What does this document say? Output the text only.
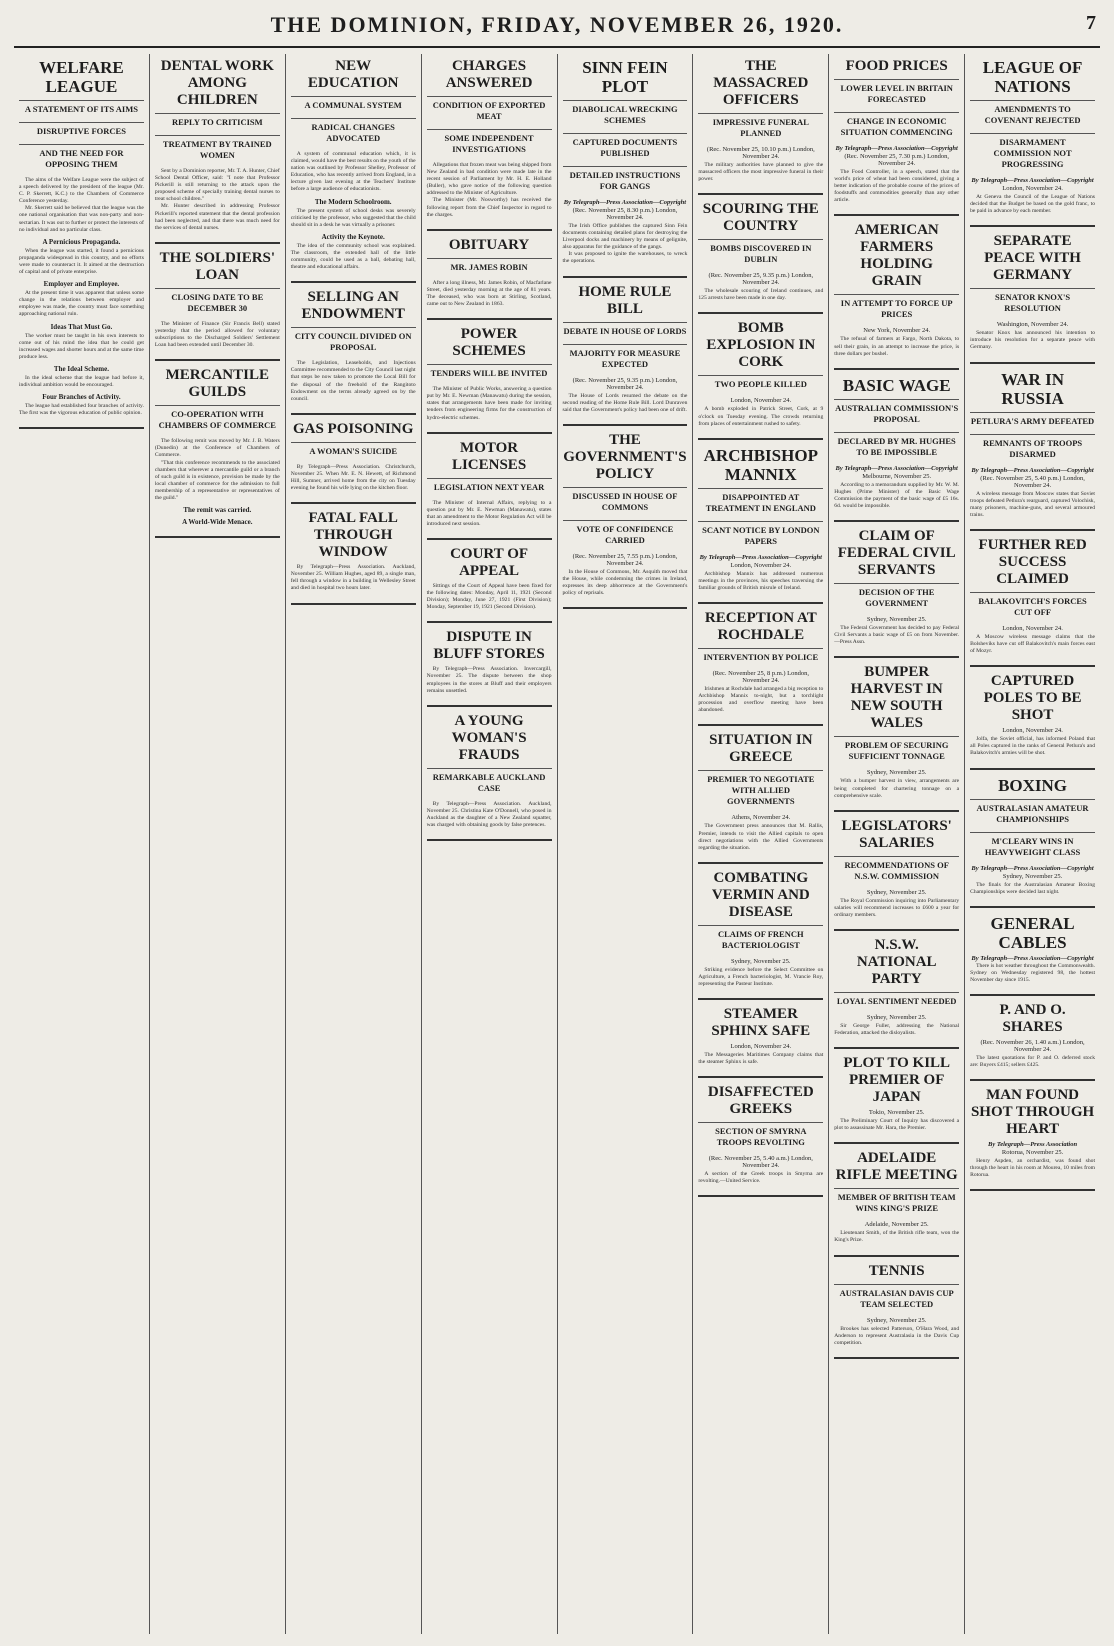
THE DOMINION, FRIDAY, NOVEMBER 26, 1920.	7
WELFARE LEAGUE
A STATEMENT OF ITS AIMS
DISRUPTIVE FORCES
AND THE NEED FOR OPPOSING THEM

The aims of the Welfare League were the subject of a speech delivered by the president of the league (Mr. C. P. Skerrett, K.C.) to the Chambers of Commerce Conference yesterday.

Mr. Skerrett said he believed that the league was the one national organisation that was non-party and non-sectarian. It was out to further or protect the interests of no individual and no particular class.

A Pernicious Propaganda.

When the league was started, it found a pernicious propaganda widespread in this country, and no efforts were made to counteract it. It aimed at the destruction of capital and of private enterprise.

Employer and Employee.

At the present time it was apparent that unless some change in the relations between employer and employee was made, the country must face something approaching national ruin.

Ideas That Must Go.

The worker must be taught in his own interests to come out of his mind the idea that he could get increased wages and shorter hours and at the same time produce less.

The Ideal Scheme.

In the ideal scheme that the league had before it, individual ambition would be encouraged.

Four Branches of Activity.

The league had established four branches of activity. The first was the vigorous education of public opinion.

DENTAL WORK AMONG CHILDREN
REPLY TO CRITICISM
TREATMENT BY TRAINED WOMEN

Sent by a Dominion reporter, Mr. T. A. Hunter, Chief School Dental Officer, said: "I note that Professor Pickerill is still returning to the attack upon the proposed scheme of specially training dental nurses to treat school children."

Mr. Hunter described in addressing Professor Pickerill's reported statement that the dental profession had been neglected, and that there was much need for the services of dental nurses.

THE SOLDIERS' LOAN
CLOSING DATE TO BE DECEMBER 30

The Minister of Finance (Sir Francis Bell) stated yesterday that the period allowed for voluntary subscriptions to the Discharged Soldiers' Settlement Loan had been extended until December 30.

MERCANTILE GUILDS
CO-OPERATION WITH CHAMBERS OF COMMERCE

The following remit was moved by Mr. J. B. Waters (Dunedin) at the Conference of Chambers of Commerce.

"That this conference recommends to the associated chambers that wherever a mercantile guild or a branch of such guild is in existence, provision be made by the local chamber of commerce for the admission to full membership of a representative or representatives of the guild."

The remit was carried.
A World-Wide Menace.
NEW EDUCATION
A COMMUNAL SYSTEM
RADICAL CHANGES ADVOCATED

A system of communal education which, it is claimed, would have the best results on the youth of the nation was outlined by Professor Shelley, Professor of Education, who has recently arrived from England, in a lecture given last evening at the Teachers' Institute before a large audience of educationists.

The Modern Schoolroom.

The present system of school desks was severely criticised by the professor, who suggested that the child should sit in a desk he was virtually a prisoner.

Activity the Keynote.

The idea of the community school was explained. The classroom, the extended hall of the little community, could be used as a ball, debating hall, theatre and educational affairs.

SELLING AN ENDOWMENT
CITY COUNCIL DIVIDED ON PROPOSAL

The Legislation, Leaseholds, and Injections Committee recommended to the City Council last night that steps be now taken to promote the Local Bill for the disposal of the freehold of the Rangitoto Endowment on the terms already agreed on by the council.

GAS POISONING
A WOMAN'S SUICIDE

By Telegraph—Press Association. Christchurch, November 25. When Mr. E. N. Hewett, of Richmond Hill, Sumner, arrived home from the city on Tuesday evening he found his wife lying on the kitchen floor.

FATAL FALL THROUGH WINDOW

By Telegraph—Press Association. Auckland, November 25. William Hughes, aged 89, a single man, fell through a window in a building in Wellesley Street and died in hospital two hours later.

CHARGES ANSWERED
CONDITION OF EXPORTED MEAT
SOME INDEPENDENT INVESTIGATIONS

Allegations that frozen meat was being shipped from New Zealand in bad condition were made late in the recent session of Parliament by Mr. H. E. Holland (Buller), who gave notice of the following question addressed to the Minister of Agriculture.

The Minister (Mr. Nosworthy) has received the following report from the Chief Inspector in regard to the charges.

OBITUARY
MR. JAMES ROBIN

After a long illness, Mr. James Robin, of Macfarlane Street, died yesterday morning at the age of 81 years. The deceased, who was born at Stirling, Scotland, came out to New Zealand in 1863.

POWER SCHEMES
TENDERS WILL BE INVITED

The Minister of Public Works, answering a question put by Mr. E. Newman (Manawatu) during the session, states that arrangements have been made for inviting tenders from engineering firms for the construction of hydro-electric schemes.

MOTOR LICENSES
LEGISLATION NEXT YEAR

The Minister of Internal Affairs, replying to a question put by Mr. E. Newman (Manawatu), states that an amendment to the Motor Regulation Act will be introduced next session.

COURT OF APPEAL

Sittings of the Court of Appeal have been fixed for the following dates: Monday, April 11, 1921 (Second Division); Monday, June 27, 1921 (First Division); Monday, September 19, 1921 (Second Division).

DISPUTE IN BLUFF STORES

By Telegraph—Press Association. Invercargill, November 25. The dispute between the shop employees in the stores at Bluff and their employers remains unsettled.

A YOUNG WOMAN'S FRAUDS
REMARKABLE AUCKLAND CASE

By Telegraph—Press Association. Auckland, November 25. Christina Kate O'Donnell, who posed in Auckland as the daughter of a New Zealand squatter, was charged with obtaining goods by false pretences.

SINN FEIN PLOT
DIABOLICAL WRECKING SCHEMES
CAPTURED DOCUMENTS PUBLISHED
DETAILED INSTRUCTIONS FOR GANGS
By Telegraph—Press Association—Copyright
(Rec. November 25, 8.30 p.m.) London, November 24.

The Irish Office publishes the captured Sinn Fein documents containing detailed plans for destroying the Liverpool docks and machinery by means of gelignite, also apparatus for the guidance of the gangs.

It was proposed to ignite the warehouses, to wreck the operations.

HOME RULE BILL
DEBATE IN HOUSE OF LORDS
MAJORITY FOR MEASURE EXPECTED
(Rec. November 25, 9.35 p.m.) London, November 24.

The House of Lords resumed the debate on the second reading of the Home Rule Bill. Lord Dunraven said that the Government's policy had been one of drift.

THE GOVERNMENT'S POLICY
DISCUSSED IN HOUSE OF COMMONS
VOTE OF CONFIDENCE CARRIED
(Rec. November 25, 7.55 p.m.) London, November 24.

In the House of Commons, Mr. Asquith moved that the House, while condemning the crimes in Ireland, expresses its deep abhorrence at the Government's policy of reprisals.

THE MASSACRED OFFICERS
IMPRESSIVE FUNERAL PLANNED
(Rec. November 25, 10.10 p.m.) London, November 24.

The military authorities have planned to give the massacred officers the most impressive funeral in their power.

SCOURING THE COUNTRY
BOMBS DISCOVERED IN DUBLIN
(Rec. November 25, 9.35 p.m.) London, November 24.

The wholesale scouring of Ireland continues, and 125 arrests have been made in one day.

BOMB EXPLOSION IN CORK
TWO PEOPLE KILLED
London, November 24.

A bomb exploded in Patrick Street, Cork, at 9 o'clock on Tuesday evening. The crowds returning from places of entertainment rushed to safety.

ARCHBISHOP MANNIX
DISAPPOINTED AT TREATMENT IN ENGLAND
SCANT NOTICE BY LONDON PAPERS
By Telegraph—Press Association—Copyright
London, November 24.

Archbishop Mannix has addressed numerous meetings in the provinces, his speeches traversing the familiar grounds of British misrule of Ireland.

RECEPTION AT ROCHDALE
INTERVENTION BY POLICE
(Rec. November 25, 8 p.m.) London, November 24.

Irishmen at Rochdale had arranged a big reception to Archbishop Mannix to-night, but a torchlight procession and overflow meeting have been abandoned.

SITUATION IN GREECE
PREMIER TO NEGOTIATE WITH ALLIED GOVERNMENTS
Athens, November 24.

The Government press announces that M. Rallis, Premier, intends to visit the Allied capitals to open direct negotiations with the Allied Governments regarding the situation.

COMBATING VERMIN AND DISEASE
CLAIMS OF FRENCH BACTERIOLOGIST
Sydney, November 25.

Striking evidence before the Select Committee on Agriculture, a French bacteriologist, M. Vrancie Roy, representing the Pasteur Institute.

STEAMER SPHINX SAFE
London, November 24.

The Messageries Maritimes Company claims that the steamer Sphinx is safe.

DISAFFECTED GREEKS
SECTION OF SMYRNA TROOPS REVOLTING
(Rec. November 25, 5.40 a.m.) London, November 24.

A section of the Greek troops in Smyrna are revolting.—United Service.

FOOD PRICES
LOWER LEVEL IN BRITAIN FORECASTED
CHANGE IN ECONOMIC SITUATION COMMENCING
By Telegraph—Press Association—Copyright
(Rec. November 25, 7.30 p.m.) London, November 24.

The Food Controller, in a speech, stated that the world's price of wheat had been considered, giving a better indication of the probable course of the prices of foodstuffs and commodities generally than any other article.

AMERICAN FARMERS HOLDING GRAIN
IN ATTEMPT TO FORCE UP PRICES
New York, November 24.

The refusal of farmers at Fargo, North Dakota, to sell their grain, in an attempt to increase the price, is three dollars per bushel.

BASIC WAGE
AUSTRALIAN COMMISSION'S PROPOSAL
DECLARED BY MR. HUGHES TO BE IMPOSSIBLE
By Telegraph—Press Association—Copyright
Melbourne, November 25.

According to a memorandum supplied by Mr. W. M. Hughes (Prime Minister) of the Basic Wage Commission the payment of the basic wage of £5 16s. 6d. would be impossible.

CLAIM OF FEDERAL CIVIL SERVANTS
DECISION OF THE GOVERNMENT
Sydney, November 25.

The Federal Government has decided to pay Federal Civil Servants a basic wage of £5 on from November.—Press Assn.

BUMPER HARVEST IN NEW SOUTH WALES
PROBLEM OF SECURING SUFFICIENT TONNAGE
Sydney, November 25.

With a bumper harvest in view, arrangements are being completed for chartering tonnage on a comprehensive scale.

LEGISLATORS' SALARIES
RECOMMENDATIONS OF N.S.W. COMMISSION
Sydney, November 25.

The Royal Commission inquiring into Parliamentary salaries will recommend increases to £600 a year for ordinary members.

N.S.W. NATIONAL PARTY
LOYAL SENTIMENT NEEDED
Sydney, November 25.

Sir George Fuller, addressing the National Federation, attacked the disloyalists.

PLOT TO KILL PREMIER OF JAPAN
Tokio, November 25.

The Preliminary Court of Inquiry has discovered a plot to assassinate Mr. Hara, the Premier.

ADELAIDE RIFLE MEETING
MEMBER OF BRITISH TEAM WINS KING'S PRIZE
Adelaide, November 25.

Lieutenant Smith, of the British rifle team, won the King's Prize.

TENNIS
AUSTRALASIAN DAVIS CUP TEAM SELECTED
Sydney, November 25.

Brookes has selected Patterson, O'Hara Wood, and Anderson to represent Australasia in the Davis Cup competition.

LEAGUE OF NATIONS
AMENDMENTS TO COVENANT REJECTED
DISARMAMENT COMMISSION NOT PROGRESSING
By Telegraph—Press Association—Copyright
London, November 24.

At Geneva the Council of the League of Nations decided that the Budget be based on the gold franc, to be paid in advance by each member.

SEPARATE PEACE WITH GERMANY
SENATOR KNOX'S RESOLUTION
Washington, November 24.

Senator Knox has announced his intention to introduce his resolution for a separate peace with Germany.

WAR IN RUSSIA
PETLURA'S ARMY DEFEATED
REMNANTS OF TROOPS DISARMED
By Telegraph—Press Association—Copyright
(Rec. November 25, 5.40 p.m.) London, November 24.

A wireless message from Moscow states that Soviet troops defeated Petlura's rearguard, captured Volochisk, many prisoners, machine-guns, and several armoured trains.

FURTHER RED SUCCESS CLAIMED
BALAKOVITCH'S FORCES CUT OFF
London, November 24.

A Moscow wireless message claims that the Bolsheviks have cut off Balakovitch's main forces east of Mozyr.

CAPTURED POLES TO BE SHOT
London, November 24.

Jolfa, the Soviet official, has informed Poland that all Poles captured in the ranks of General Petlura's and Balakovitch's armies will be shot.

BOXING
AUSTRALASIAN AMATEUR CHAMPIONSHIPS
M'CLEARY WINS IN HEAVYWEIGHT CLASS
By Telegraph—Press Association—Copyright
Sydney, November 25.

The finals for the Australasian Amateur Boxing Championships were decided last night.

GENERAL CABLES
By Telegraph—Press Association—Copyright

There is hot weather throughout the Commonwealth. Sydney on Wednesday registered 98, the hottest November day since 1915.

P. AND O. SHARES
(Rec. November 26, 1.40 a.m.) London, November 24.

The latest quotations for P. and O. deferred stock are: Buyers £415; sellers £425.

MAN FOUND SHOT THROUGH HEART
By Telegraph—Press Association
Rotorua, November 25.

Henry Aspden, an orchardist, was found shot through the heart in his room at Mourea, 10 miles from Rotorua.
